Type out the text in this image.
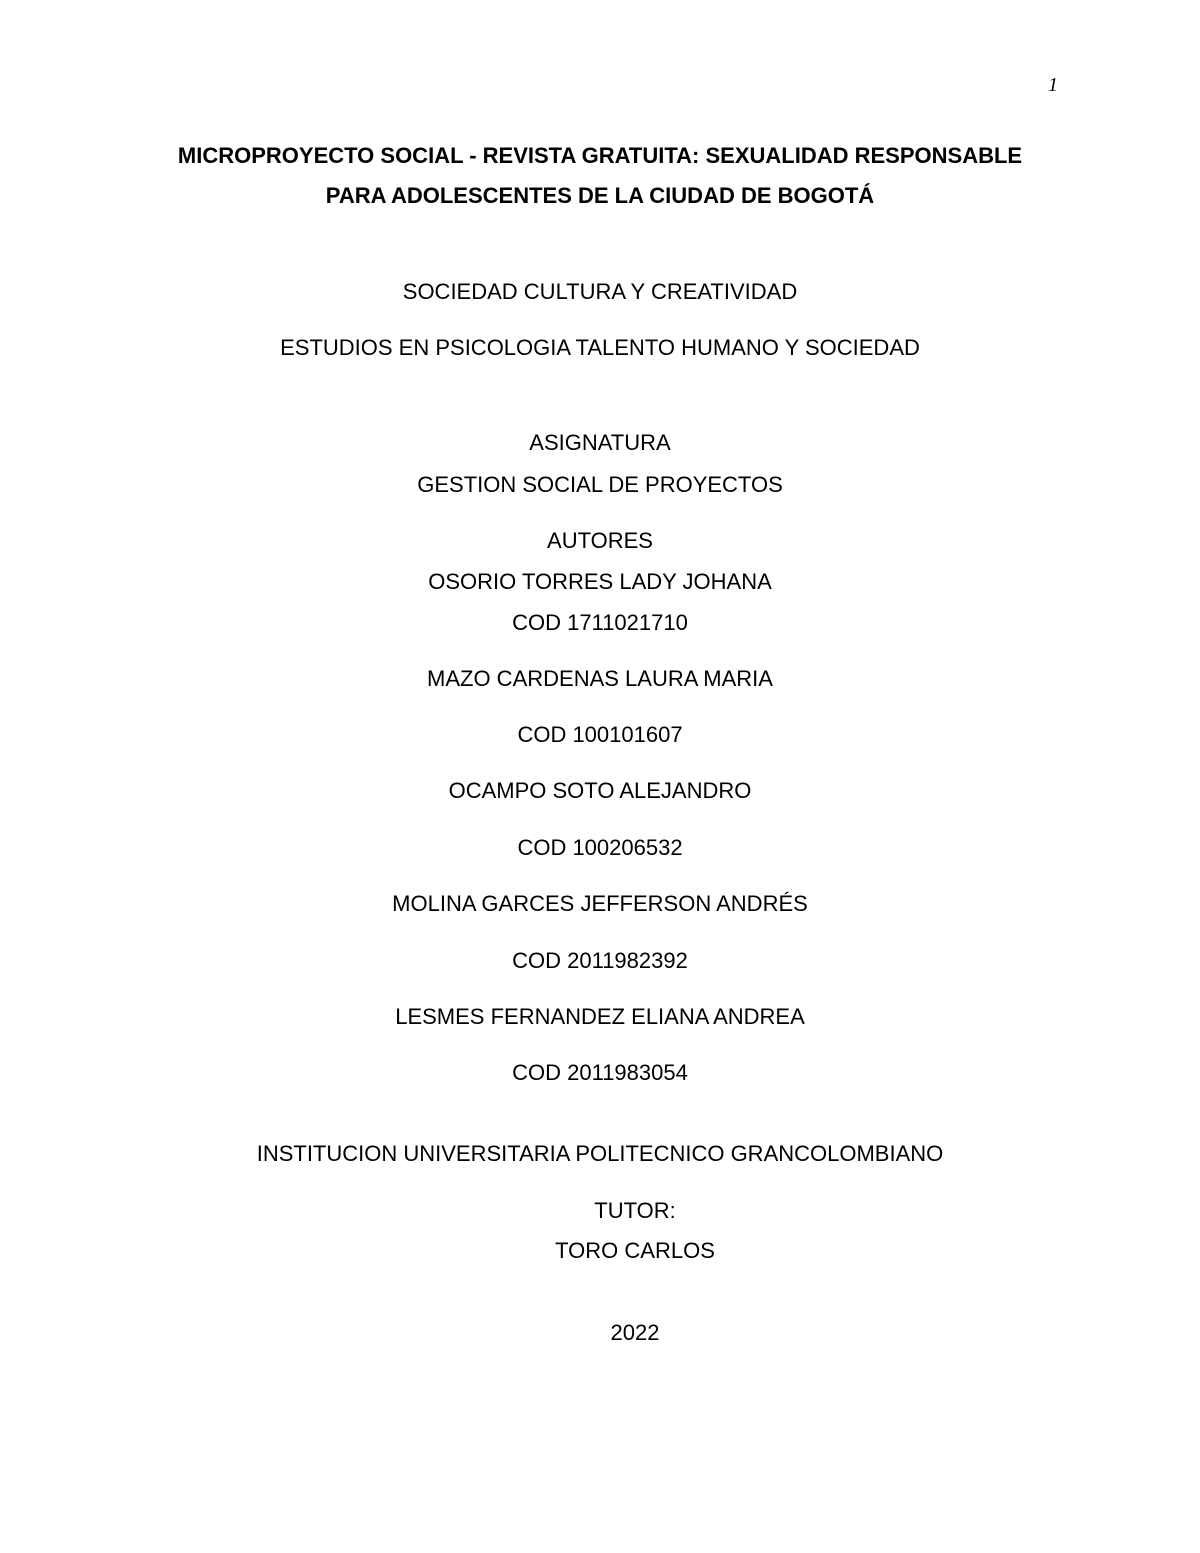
1
MICROPROYECTO SOCIAL - REVISTA GRATUITA: SEXUALIDAD RESPONSABLE
PARA ADOLESCENTES DE LA CIUDAD DE BOGOTÁ
SOCIEDAD CULTURA Y CREATIVIDAD
ESTUDIOS EN PSICOLOGIA TALENTO HUMANO Y SOCIEDAD
ASIGNATURA
GESTION SOCIAL DE PROYECTOS
AUTORES
OSORIO TORRES LADY JOHANA
COD 1711021710
MAZO CARDENAS LAURA MARIA
COD 100101607
OCAMPO SOTO ALEJANDRO
COD 100206532
MOLINA GARCES JEFFERSON ANDRÉS
COD 2011982392
LESMES FERNANDEZ ELIANA ANDREA
COD 2011983054
INSTITUCION UNIVERSITARIA POLITECNICO GRANCOLOMBIANO
TUTOR:
TORO CARLOS
2022
